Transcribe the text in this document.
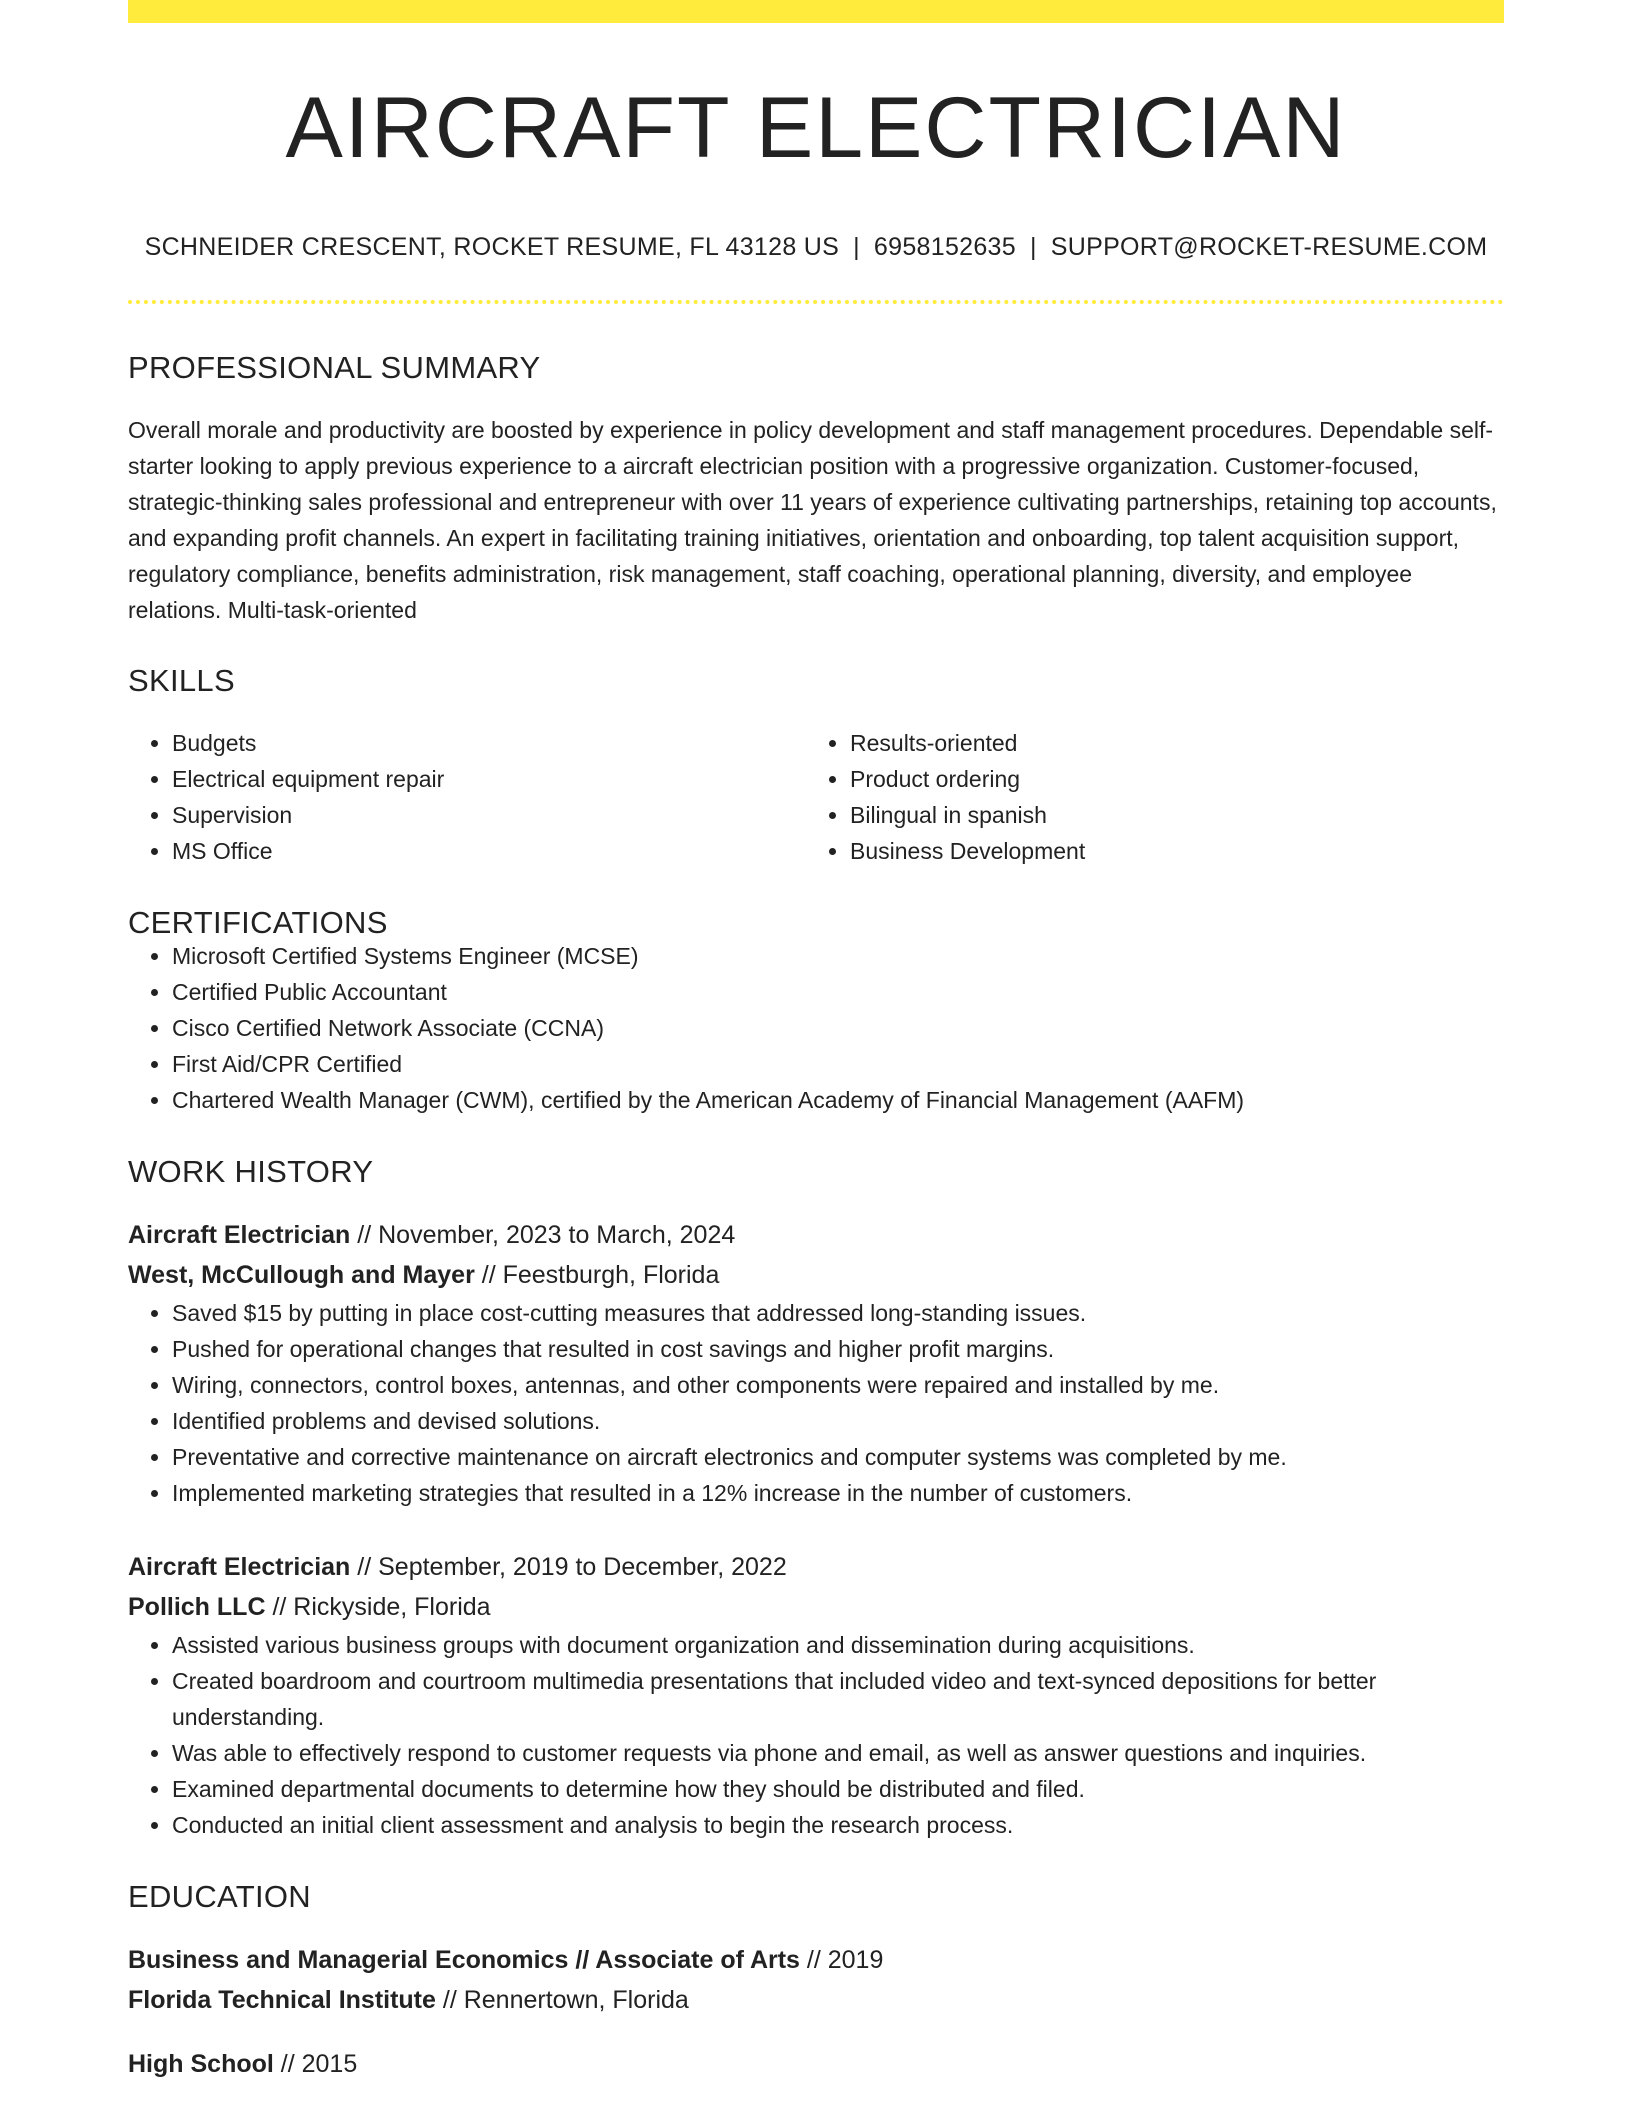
AIRCRAFT ELECTRICIAN
SCHNEIDER CRESCENT, ROCKET RESUME, FL 43128 US | 6958152635 | SUPPORT@ROCKET-RESUME.COM
PROFESSIONAL SUMMARY

Overall morale and productivity are boosted by experience in policy development and staff management procedures. Dependable self-starter looking to apply previous experience to a aircraft electrician position with a progressive organization. Customer-focused, strategic-thinking sales professional and entrepreneur with over 11 years of experience cultivating partnerships, retaining top accounts, and expanding profit channels. An expert in facilitating training initiatives, orientation and onboarding, top talent acquisition support, regulatory compliance, benefits administration, risk management, staff coaching, operational planning, diversity, and employee relations. Multi-task-oriented

SKILLS
• Budgets
• Electrical equipment repair
• Supervision
• MS Office
• Results-oriented
• Product ordering
• Bilingual in spanish
• Business Development
CERTIFICATIONS
• Microsoft Certified Systems Engineer (MCSE)
• Certified Public Accountant
• Cisco Certified Network Associate (CCNA)
• First Aid/CPR Certified
• Chartered Wealth Manager (CWM), certified by the American Academy of Financial Management (AAFM)
WORK HISTORY
Aircraft Electrician // November, 2023 to March, 2024
West, McCullough and Mayer // Feestburgh, Florida
• Saved $15 by putting in place cost-cutting measures that addressed long-standing issues.
• Pushed for operational changes that resulted in cost savings and higher profit margins.
• Wiring, connectors, control boxes, antennas, and other components were repaired and installed by me.
• Identified problems and devised solutions.
• Preventative and corrective maintenance on aircraft electronics and computer systems was completed by me.
• Implemented marketing strategies that resulted in a 12% increase in the number of customers.
Aircraft Electrician // September, 2019 to December, 2022
Pollich LLC // Rickyside, Florida
• Assisted various business groups with document organization and dissemination during acquisitions.
• Created boardroom and courtroom multimedia presentations that included video and text-synced depositions for better understanding.
• Was able to effectively respond to customer requests via phone and email, as well as answer questions and inquiries.
• Examined departmental documents to determine how they should be distributed and filed.
• Conducted an initial client assessment and analysis to begin the research process.
EDUCATION
Business and Managerial Economics // Associate of Arts // 2019
Florida Technical Institute // Rennertown, Florida
High School // 2015
